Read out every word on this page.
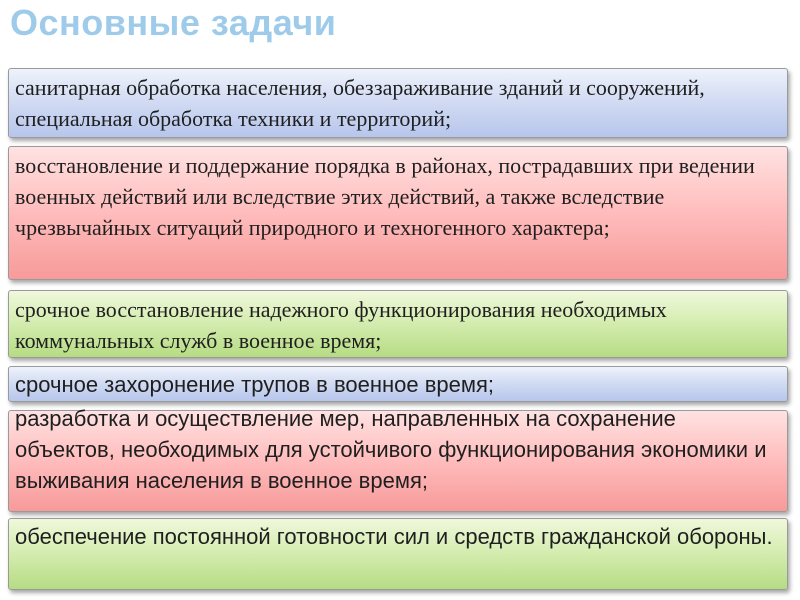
Основные задачи
санитарная обработка населения, обеззараживание зданий и сооружений, специальная обработка техники и территорий;
восстановление и поддержание порядка в районах, пострадавших при ведении военных действий или вследствие этих действий, а также вследствие чрезвычайных ситуаций природного и техногенного характера;
срочное восстановление надежного функционирования необходимых коммунальных служб в военное время;
срочное захоронение трупов в военное время;
разработка и осуществление мер, направленных на сохранение объектов, необходимых для устойчивого функционирования экономики и выживания населения в военное время;
обеспечение постоянной готовности сил и средств гражданской обороны.
